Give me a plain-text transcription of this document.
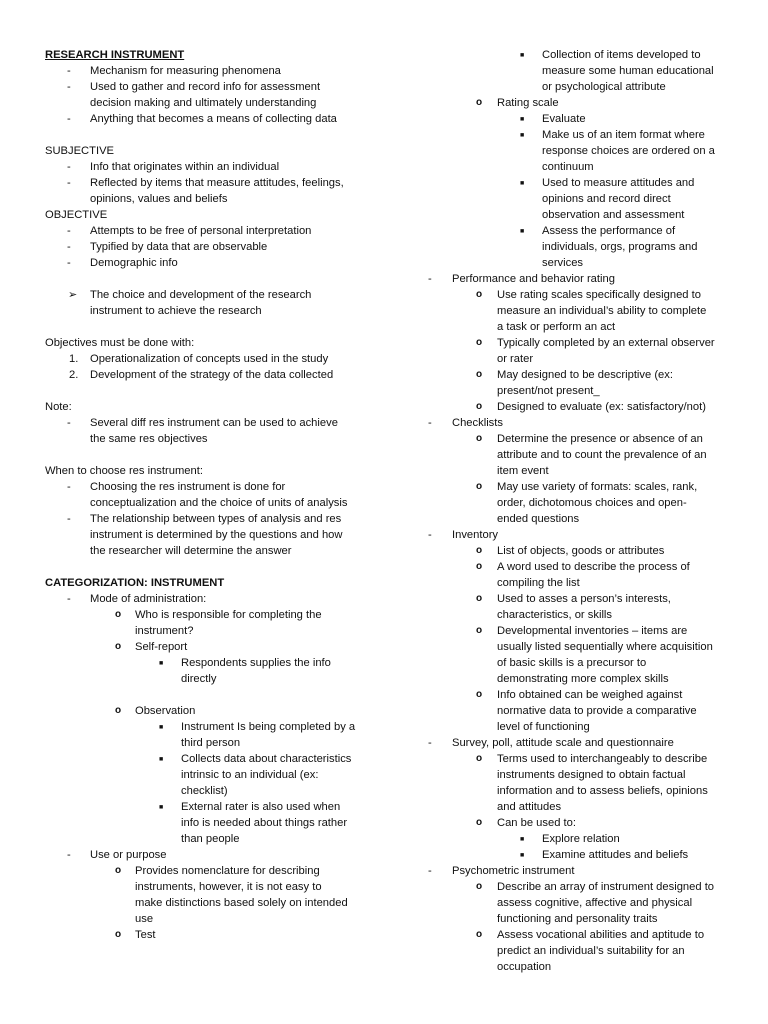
RESEARCH INSTRUMENT
- Mechanism for measuring phenomena
- Used to gather and record info for assessment
decision making and ultimately understanding
- Anything that becomes a means of collecting data
SUBJECTIVE
- Info that originates within an individual
- Reflected by items that measure attitudes, feelings,
opinions, values and beliefs
OBJECTIVE
- Attempts to be free of personal interpretation
- Typified by data that are observable
- Demographic info
➢ The choice and development of the research
instrument to achieve the research
Objectives must be done with:
1. Operationalization of concepts used in the study
2. Development of the strategy of the data collected
Note:
- Several diff res instrument can be used to achieve
the same res objectives
When to choose res instrument:
- Choosing the res instrument is done for
conceptualization and the choice of units of analysis
- The relationship between types of analysis and res
instrument is determined by the questions and how
the researcher will determine the answer
CATEGORIZATION: INSTRUMENT
- Mode of administration:
o Who is responsible for completing the
instrument?
o Self-report
■ Respondents supplies the info
directly
o Observation
■ Instrument Is being completed by a
third person
■ Collects data about characteristics
intrinsic to an individual (ex:
checklist)
■ External rater is also used when
info is needed about things rather
than people
- Use or purpose
o Provides nomenclature for describing
instruments, however, it is not easy to
make distinctions based solely on intended
use
o Test
■ Collection of items developed to
measure some human educational
or psychological attribute
o Rating scale
■ Evaluate
■ Make us of an item format where
response choices are ordered on a
continuum
■ Used to measure attitudes and
opinions and record direct
observation and assessment
■ Assess the performance of
individuals, orgs, programs and
services
- Performance and behavior rating
o Use rating scales specifically designed to
measure an individual’s ability to complete
a task or perform an act
o Typically completed by an external observer
or rater
o May designed to be descriptive (ex:
present/not present_
o Designed to evaluate (ex: satisfactory/not)
- Checklists
o Determine the presence or absence of an
attribute and to count the prevalence of an
item event
o May use variety of formats: scales, rank,
order, dichotomous choices and open-
ended questions
- Inventory
o List of objects, goods or attributes
o A word used to describe the process of
compiling the list
o Used to asses a person’s interests,
characteristics, or skills
o Developmental inventories – items are
usually listed sequentially where acquisition
of basic skills is a precursor to
demonstrating more complex skills
o Info obtained can be weighed against
normative data to provide a comparative
level of functioning
- Survey, poll, attitude scale and questionnaire
o Terms used to interchangeably to describe
instruments designed to obtain factual
information and to assess beliefs, opinions
and attitudes
o Can be used to:
■ Explore relation
■ Examine attitudes and beliefs
- Psychometric instrument
o Describe an array of instrument designed to
assess cognitive, affective and physical
functioning and personality traits
o Assess vocational abilities and aptitude to
predict an individual’s suitability for an
occupation
